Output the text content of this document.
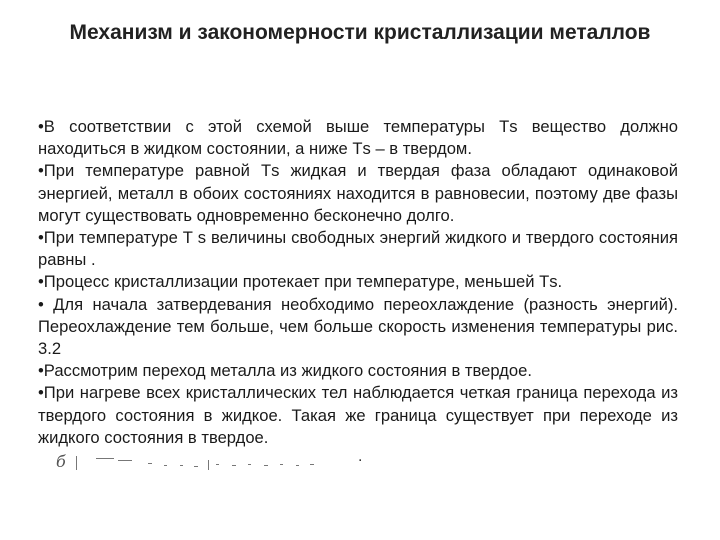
Механизм и закономерности кристаллизации металлов

•В соответствии с этой схемой выше температуры Тs вещество должно находиться в жидком состоянии, а ниже Тs – в твердом.

•При температуре равной Тs жидкая и твердая фаза обладают одинаковой энергией, металл в обоих состояниях находится в равновесии, поэтому две фазы могут существовать одновременно бесконечно долго.

•При температуре Т s величины свободных энергий жидкого и твердого состояния равны .

•Процесс кристаллизации протекает при температуре, меньшей Тs.

• Для начала затвердевания необходимо переохлаждение (разность энергий). Переохлаждение тем больше, чем больше скорость изменения температуры рис. 3.2

•Рассмотрим переход металла из жидкого состояния в твердое.

•При нагреве всех кристаллических тел наблюдается четкая граница перехода из твердого состояния в жидкое. Такая же граница существует при переходе из жидкого состояния в твердое.

б	.
